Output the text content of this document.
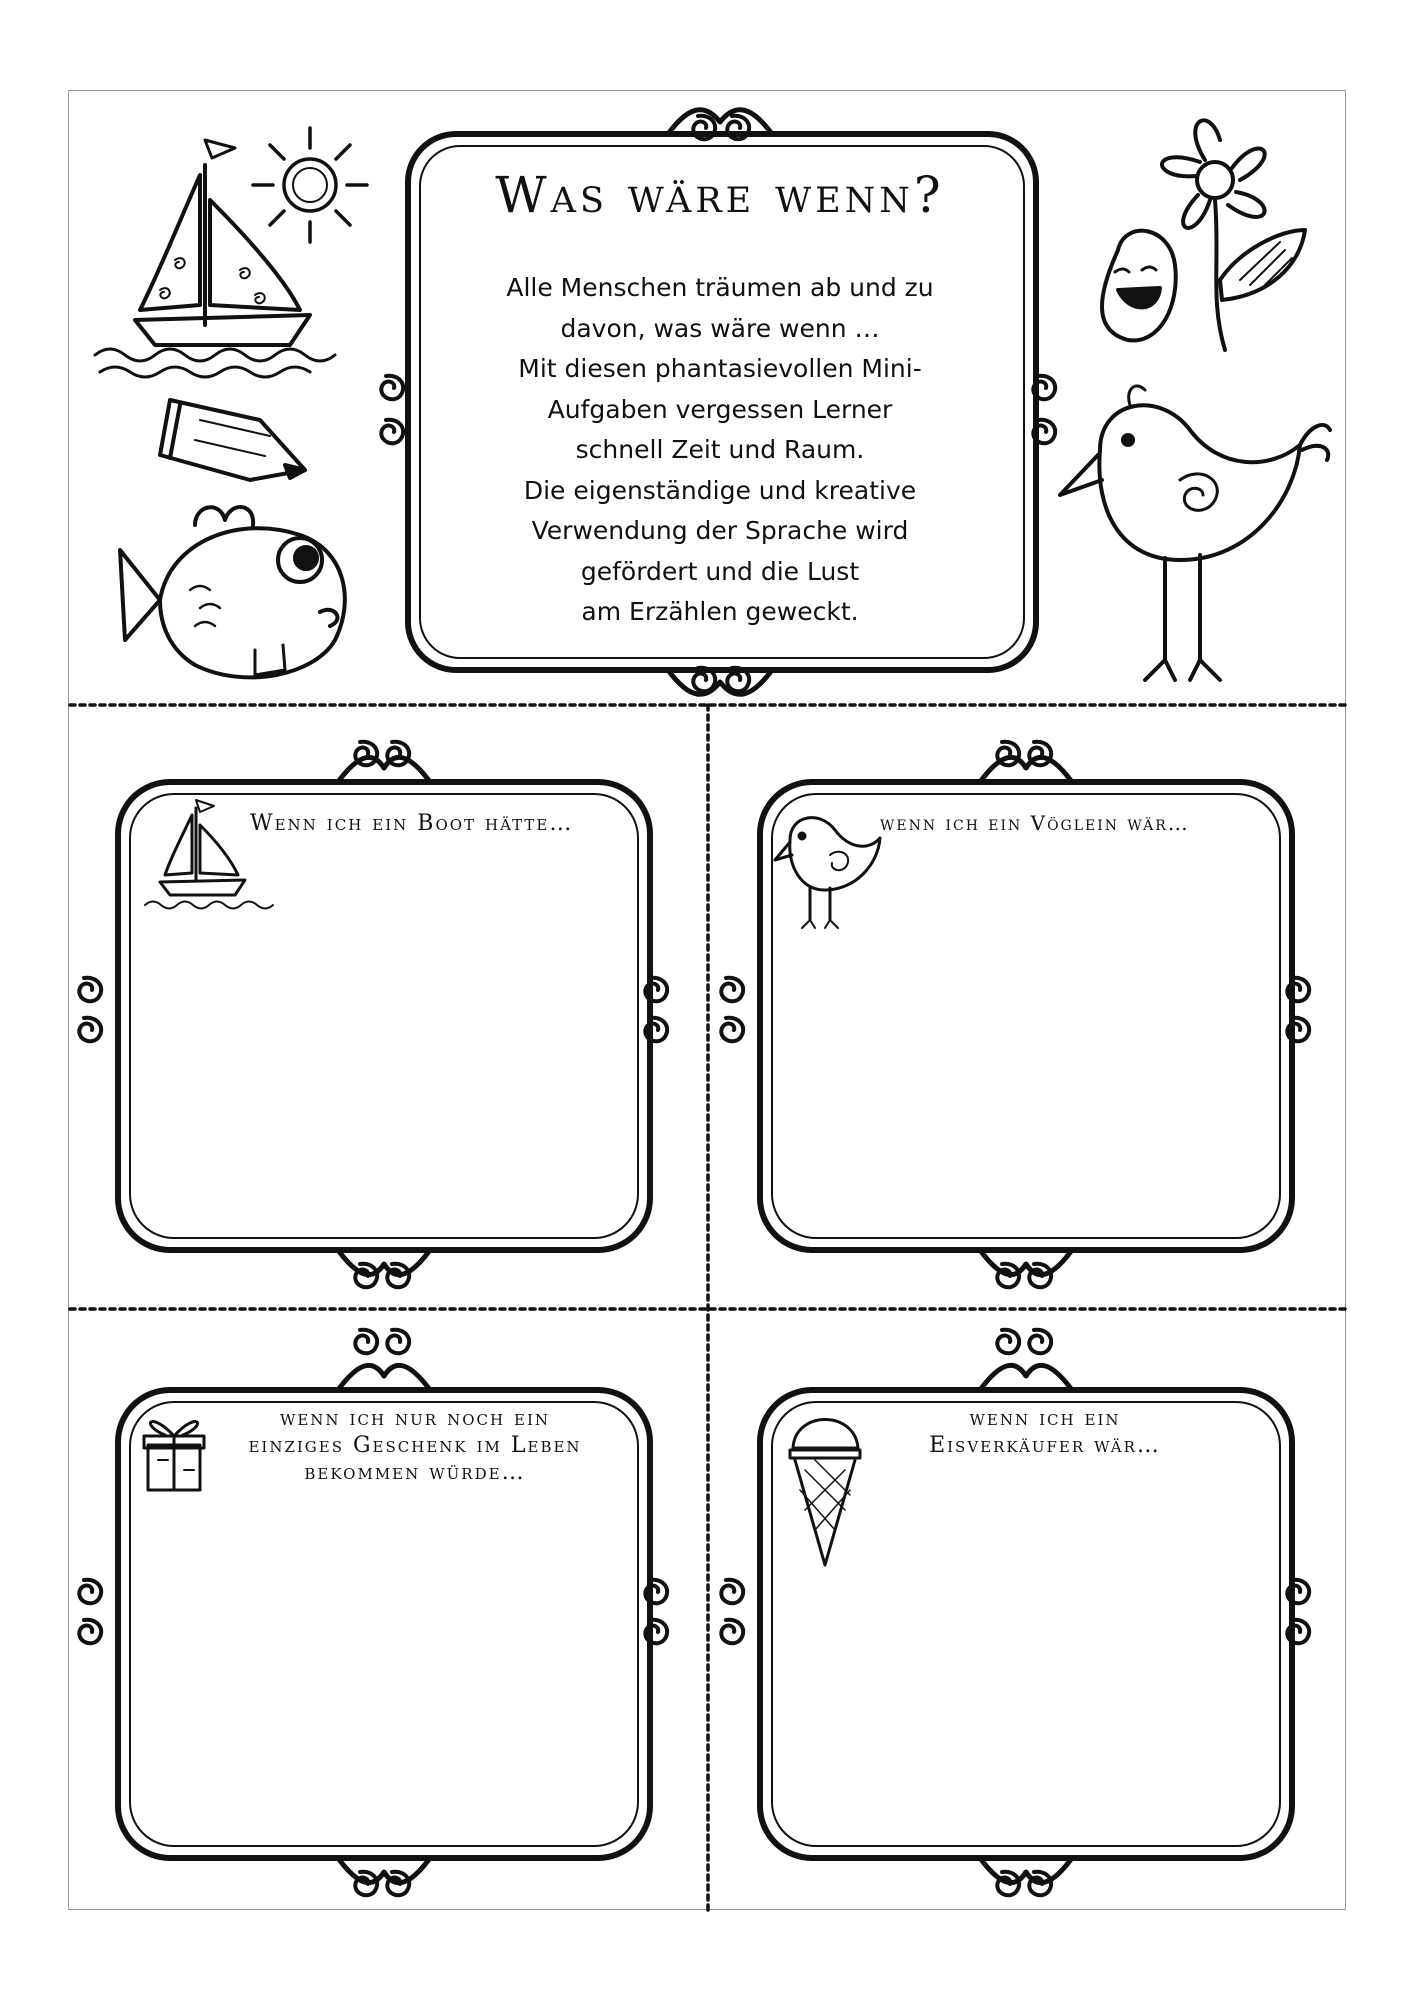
Was wäre wenn?
Alle Menschen träumen ab und zu
davon, was wäre wenn …
Mit diesen phantasievollen Mini-
Aufgaben vergessen Lerner
schnell Zeit und Raum.
Die eigenständige und kreative
Verwendung der Sprache wird
gefördert und die Lust
am Erzählen geweckt.
Wenn ich ein Boot hätte…	wenn ich ein Vöglein wär…
wenn ich nur noch ein
einziges Geschenk im Leben
bekommen würde…
wenn ich ein
Eisverkäufer wär…
